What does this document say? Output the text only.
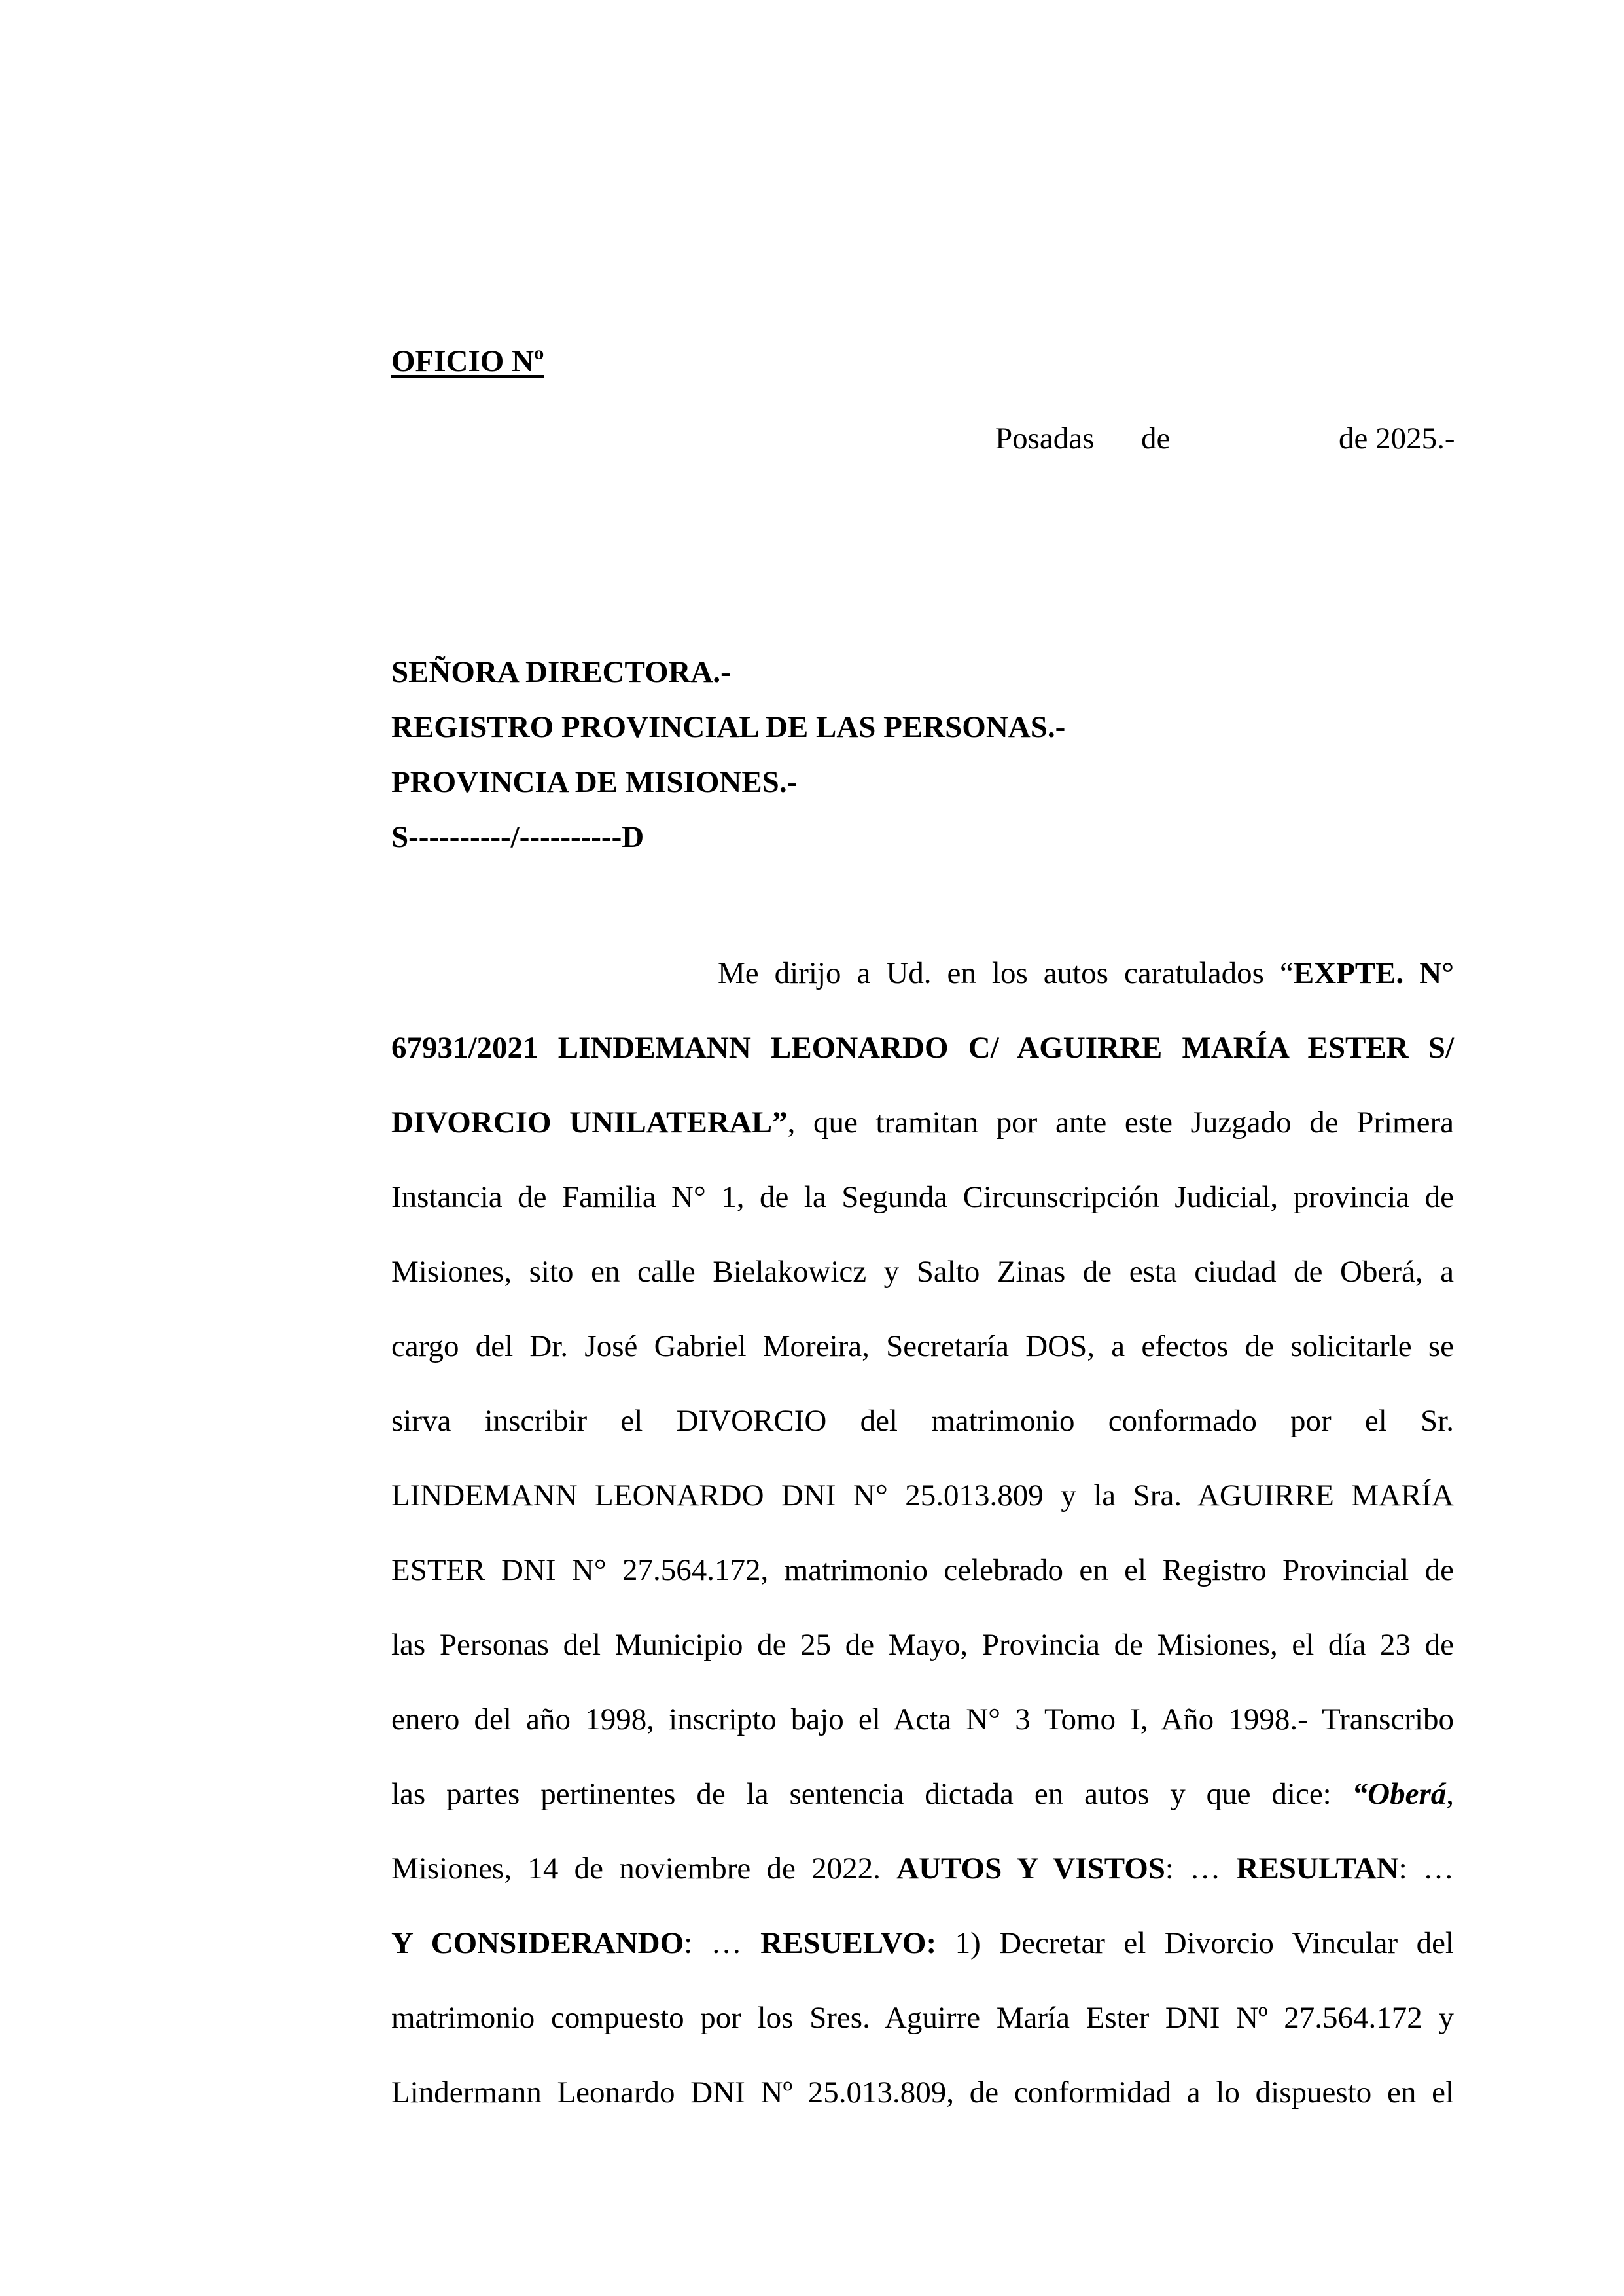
OFICIO Nº
Posadas de	de 2025.-
SEÑORA DIRECTORA.-
REGISTRO PROVINCIAL DE LAS PERSONAS.-
PROVINCIA DE MISIONES.-
S----------/----------D
Me dirijo a Ud. en los autos caratulados “EXPTE. N°
67931/2021 LINDEMANN LEONARDO C/ AGUIRRE MARÍA ESTER S/
DIVORCIO UNILATERAL”, que tramitan por ante este Juzgado de Primera
Instancia de Familia N° 1, de la Segunda Circunscripción Judicial, provincia de
Misiones, sito en calle Bielakowicz y Salto Zinas de esta ciudad de Oberá, a
cargo del Dr. José Gabriel Moreira, Secretaría DOS, a efectos de solicitarle se
sirva inscribir el DIVORCIO del matrimonio conformado por el Sr.
LINDEMANN LEONARDO DNI N° 25.013.809 y la Sra. AGUIRRE MARÍA
ESTER DNI N° 27.564.172, matrimonio celebrado en el Registro Provincial de
las Personas del Municipio de 25 de Mayo, Provincia de Misiones, el día 23 de
enero del año 1998, inscripto bajo el Acta N° 3 Tomo I, Año 1998.- Transcribo
las partes pertinentes de la sentencia dictada en autos y que dice: “Oberá,
Misiones, 14 de noviembre de 2022. AUTOS Y VISTOS: … RESULTAN: …
Y CONSIDERANDO: … RESUELVO: 1) Decretar el Divorcio Vincular del
matrimonio compuesto por los Sres. Aguirre María Ester DNI Nº 27.564.172 y
Lindermann Leonardo DNI Nº 25.013.809, de conformidad a lo dispuesto en el
